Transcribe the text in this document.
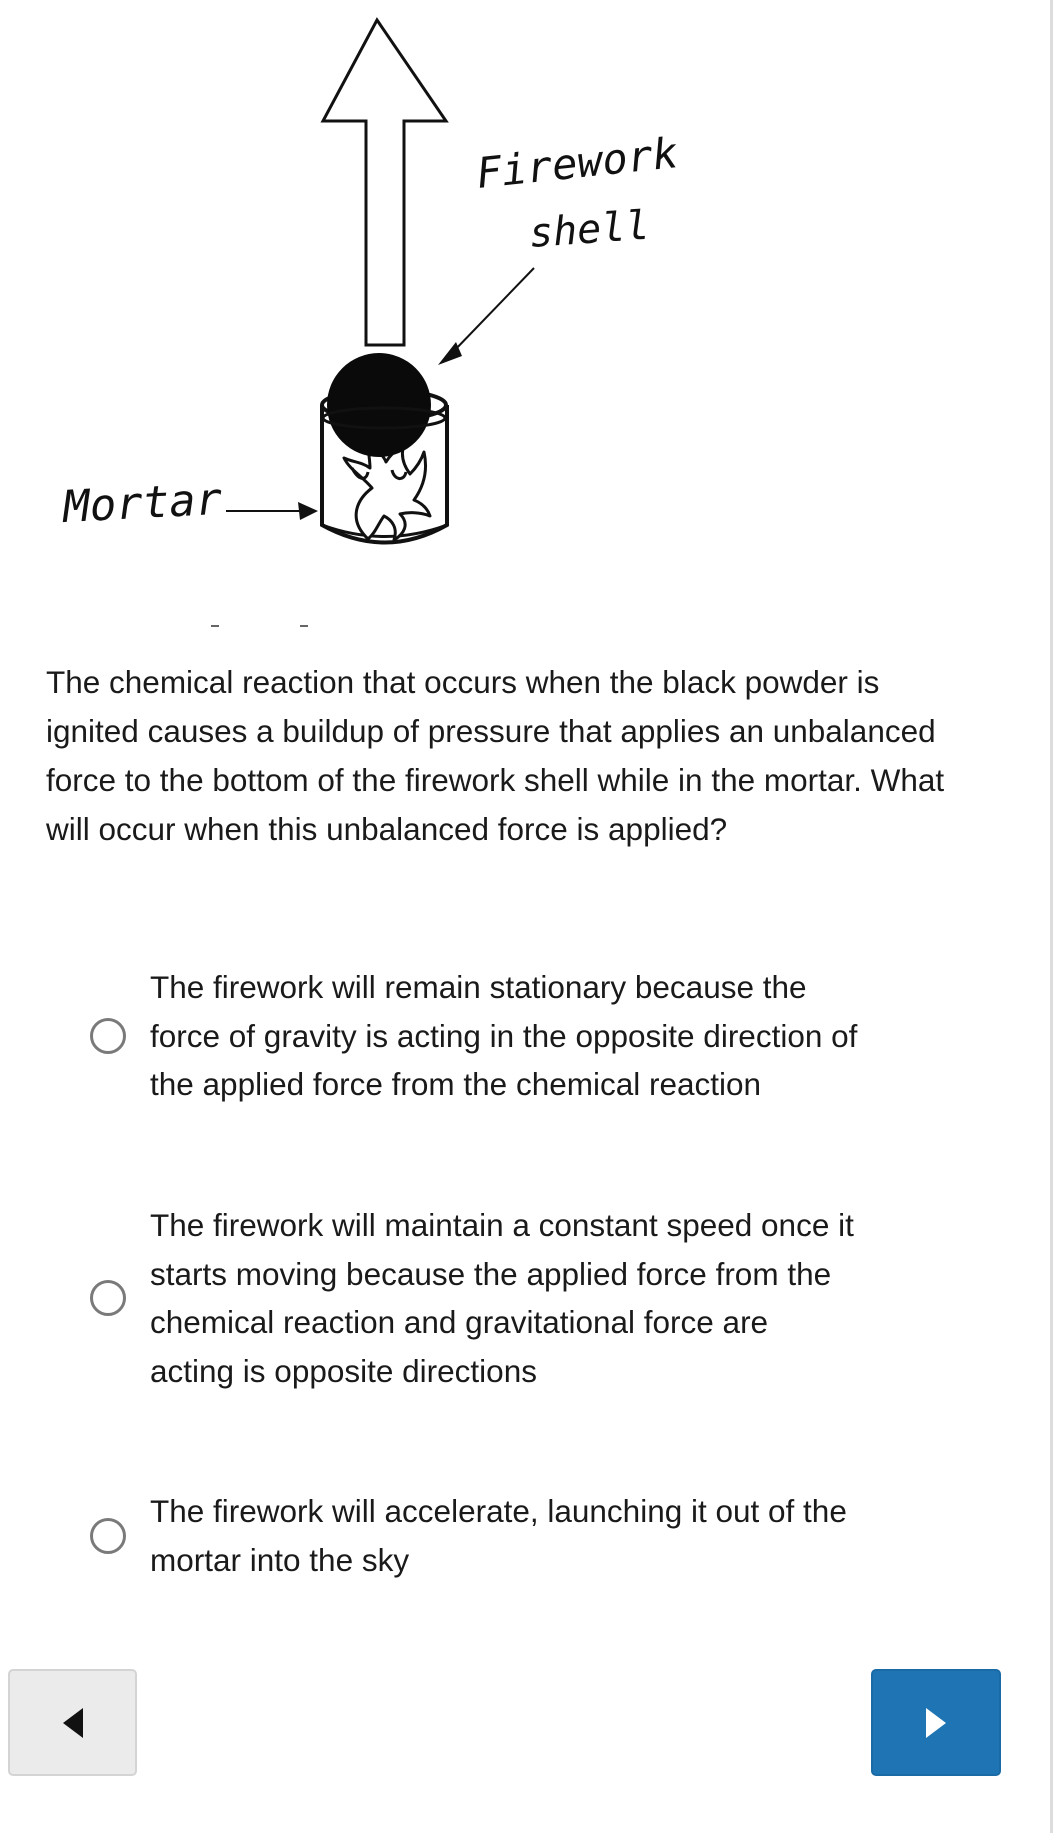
Firework
shell
Mortar

The chemical reaction that occurs when the black powder is ignited causes a buildup of pressure that applies an unbalanced force to the bottom of the firework shell while in the mortar. What will occur when this unbalanced force is applied?

The firework will remain stationary because the force of gravity is acting in the opposite direction of the applied force from the chemical reaction
The firework will maintain a constant speed once it starts moving because the applied force from the chemical reaction and gravitational force are acting is opposite directions
The firework will accelerate, launching it out of the mortar into the sky
